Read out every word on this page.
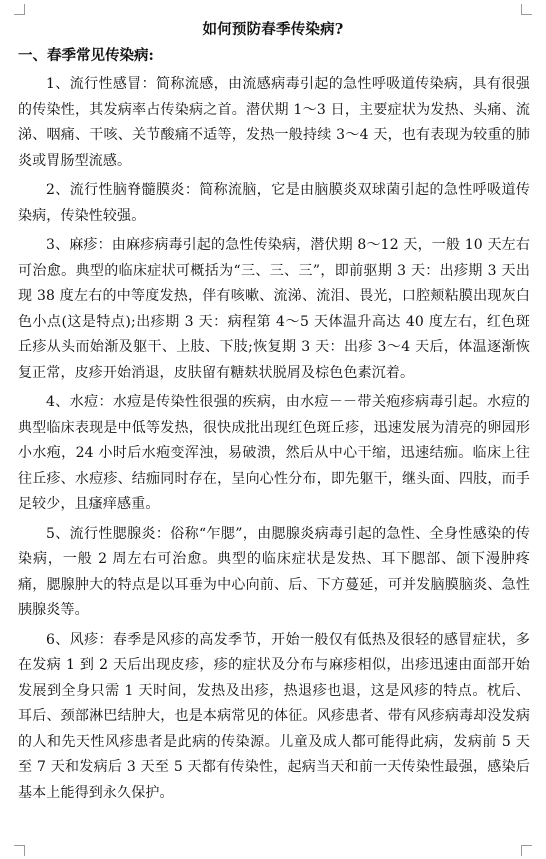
如何预防春季传染病?
一、春季常见传染病:

1、流行性感冒：简称流感，由流感病毒引起的急性呼吸道传染病，具有很强的传染性，其发病率占传染病之首。潜伏期 1～3 日，主要症状为发热、头痛、流涕、咽痛、干咳、关节酸痛不适等，发热一般持续 3～4 天，也有表现为较重的肺炎或胃肠型流感。

2、流行性脑脊髓膜炎：简称流脑，它是由脑膜炎双球菌引起的急性呼吸道传染病，传染性较强。

3、麻疹：由麻疹病毒引起的急性传染病，潜伏期 8～12 天，一般 10 天左右可治愈。典型的临床症状可概括为“三、三、三”，即前驱期 3 天：出疹期 3 天出现 38 度左右的中等度发热，伴有咳嗽、流涕、流泪、畏光，口腔颊粘膜出现灰白色小点(这是特点);出疹期 3 天：病程第 4～5 天体温升高达 40 度左右，红色斑丘疹从头而始渐及躯干、上肢、下肢;恢复期 3 天：出疹 3～4 天后，体温逐渐恢复正常，皮疹开始消退，皮肤留有糖麸状脱屑及棕色色素沉着。

4、水痘：水痘是传染性很强的疾病，由水痘－－带关疱疹病毒引起。水痘的典型临床表现是中低等发热，很快成批出现红色斑丘疹，迅速发展为清亮的卵园形小水疱，24 小时后水疱变浑浊，易破溃，然后从中心干缩，迅速结痂。临床上往往丘疹、水痘疹、结痂同时存在，呈向心性分布，即先躯干，继头面、四肢，而手足较少，且瘙痒感重。

5、流行性腮腺炎：俗称“乍腮”，由腮腺炎病毒引起的急性、全身性感染的传染病，一般 2 周左右可治愈。典型的临床症状是发热、耳下腮部、颌下漫肿疼痛，腮腺肿大的特点是以耳垂为中心向前、后、下方蔓延，可并发脑膜脑炎、急性胰腺炎等。

6、风疹：春季是风疹的高发季节，开始一般仅有低热及很轻的感冒症状，多在发病 1 到 2 天后出现皮疹，疹的症状及分布与麻疹相似，出疹迅速由面部开始发展到全身只需 1 天时间，发热及出疹，热退疹也退，这是风疹的特点。枕后、耳后、颈部淋巴结肿大，也是本病常见的体征。风疹患者、带有风疹病毒却没发病的人和先天性风疹患者是此病的传染源。儿童及成人都可能得此病，发病前 5 天至 7 天和发病后 3 天至 5 天都有传染性，起病当天和前一天传染性最强，感染后基本上能得到永久保护。
